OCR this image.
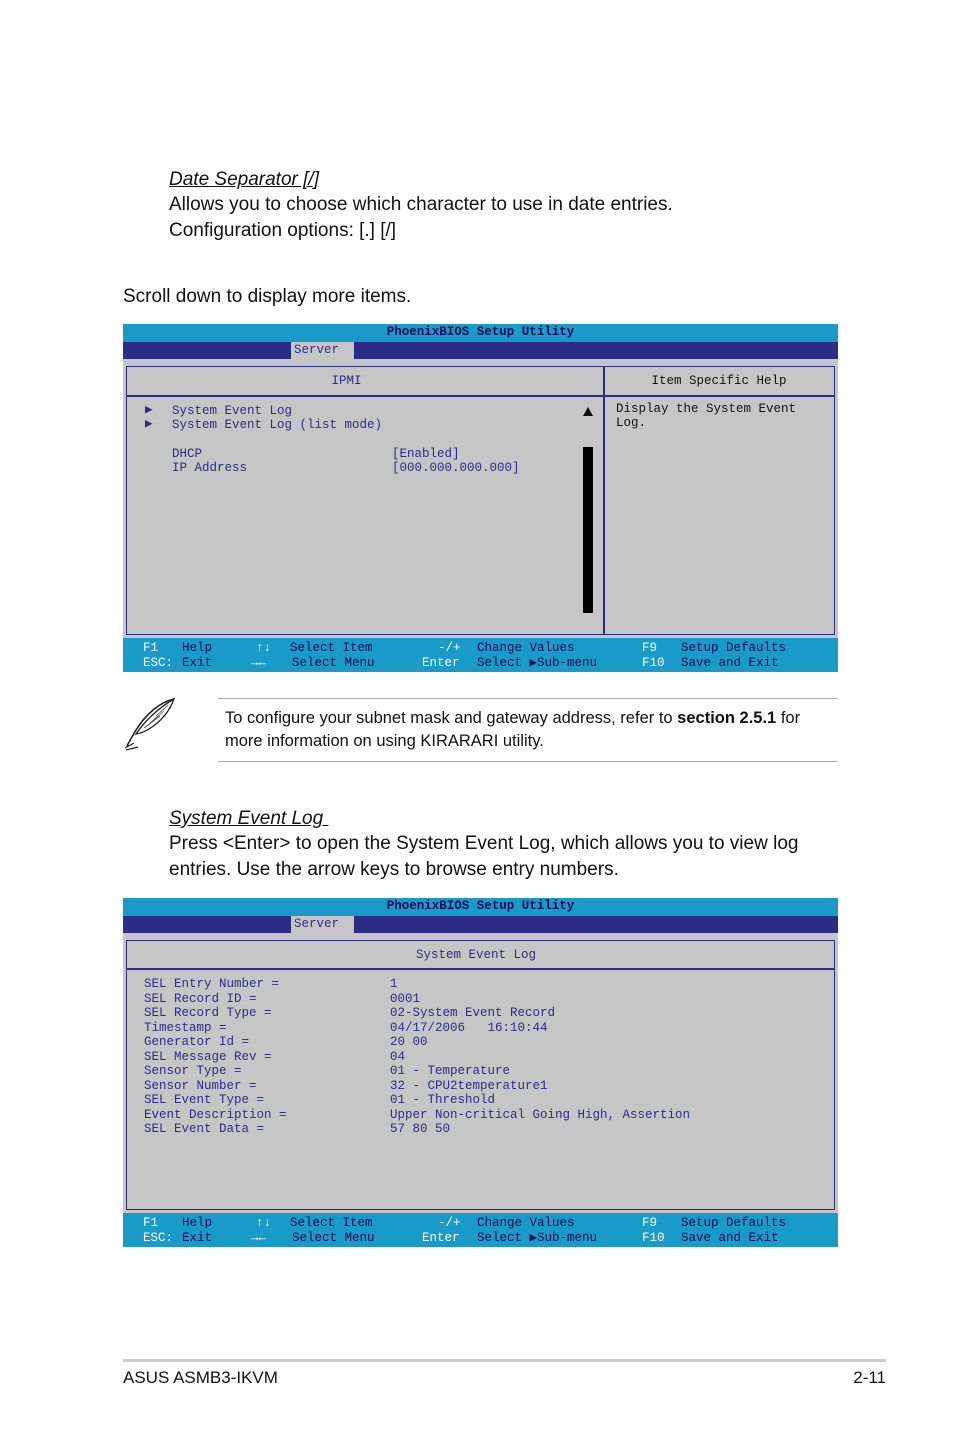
Date Separator [/]
Allows you to choose which character to use in date entries.
Configuration options: [.] [/]
Scroll down to display more items.
PhoenixBIOS Setup Utility
Server
IPMI	Item Specific Help
Display the System Event
Log.
▶ System Event Log
▶ System Event Log (list mode)
DHCP	[Enabled]
IP Address	[000.000.000.000]
F1 Help
ESC: Exit
↑↓ Select Item
→← Select Menu
-/+ Change Values
Enter Select ▶Sub-menu
F9 Setup Defaults
F10 Save and Exit
To configure your subnet mask and gateway address, refer to section 2.5.1 for
more information on using KIRARARI utility.
System Event Log
Press <Enter> to open the System Event Log, which allows you to view log
entries. Use the arrow keys to browse entry numbers.
PhoenixBIOS Setup Utility
Server
System Event Log
SEL Entry Number =	1
SEL Record ID =	0001
SEL Record Type =	02-System Event Record
Timestamp =	04/17/2006   16:10:44
Generator Id =	20 00
SEL Message Rev =	04
Sensor Type =	01 - Temperature
Sensor Number =	32 - CPU2temperature1
SEL Event Type =	01 - Threshold
Event Description =	Upper Non-critical Going High, Assertion
SEL Event Data =	57 80 50
F1 Help
ESC: Exit
↑↓ Select Item
→← Select Menu
-/+ Change Values
Enter Select ▶Sub-menu
F9 Setup Defaults
F10 Save and Exit
ASUS ASMB3-IKVM	2-11
